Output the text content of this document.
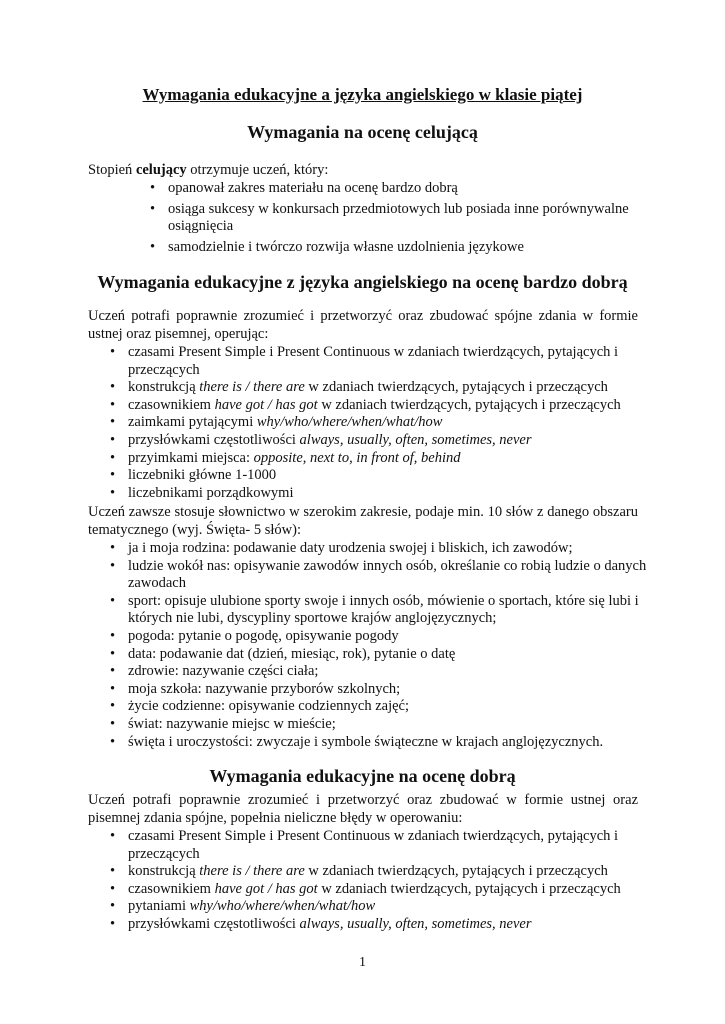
Wymagania edukacyjne a języka angielskiego w klasie piątej
Wymagania na ocenę celującą

Stopień celujący otrzymuje uczeń, który:

• opanował zakres materiału na ocenę bardzo dobrą
• osiąga sukcesy w konkursach przedmiotowych lub posiada inne porównywalne osiągnięcia
• samodzielnie i twórczo rozwija własne uzdolnienia językowe
Wymagania edukacyjne z języka angielskiego na ocenę bardzo dobrą

Uczeń potrafi poprawnie zrozumieć i przetworzyć oraz zbudować spójne zdania w formie ustnej oraz pisemnej, operując:

• czasami Present Simple i Present Continuous w zdaniach twierdzących, pytających i przeczących
• konstrukcją there is / there are w zdaniach twierdzących, pytających i przeczących
• czasownikiem have got / has got w zdaniach twierdzących, pytających i przeczących
• zaimkami pytającymi why/who/where/when/what/how
• przysłówkami częstotliwości always, usually, often, sometimes, never
• przyimkami miejsca: opposite, next to, in front of, behind
• liczebniki główne 1-1000
• liczebnikami porządkowymi

Uczeń zawsze stosuje słownictwo w szerokim zakresie, podaje min. 10 słów z danego obszaru tematycznego (wyj. Święta- 5 słów):

• ja i moja rodzina: podawanie daty urodzenia swojej i bliskich, ich zawodów;
• ludzie wokół nas: opisywanie zawodów innych osób, określanie co robią ludzie o danych zawodach
• sport: opisuje ulubione sporty swoje i innych osób, mówienie o sportach, które się lubi i których nie lubi, dyscypliny sportowe krajów anglojęzycznych;
• pogoda: pytanie o pogodę, opisywanie pogody
• data: podawanie dat (dzień, miesiąc, rok), pytanie o datę
• zdrowie: nazywanie części ciała;
• moja szkoła: nazywanie przyborów szkolnych;
• życie codzienne: opisywanie codziennych zajęć;
• świat: nazywanie miejsc w mieście;
• święta i uroczystości: zwyczaje i symbole świąteczne w krajach anglojęzycznych.
Wymagania edukacyjne na ocenę dobrą

Uczeń potrafi poprawnie zrozumieć i przetworzyć oraz zbudować w formie ustnej oraz pisemnej zdania spójne, popełnia nieliczne błędy w operowaniu:

• czasami Present Simple i Present Continuous w zdaniach twierdzących, pytających i przeczących
• konstrukcją there is / there are w zdaniach twierdzących, pytających i przeczących
• czasownikiem have got / has got w zdaniach twierdzących, pytających i przeczących
• pytaniami why/who/where/when/what/how
• przysłówkami częstotliwości always, usually, often, sometimes, never
1
